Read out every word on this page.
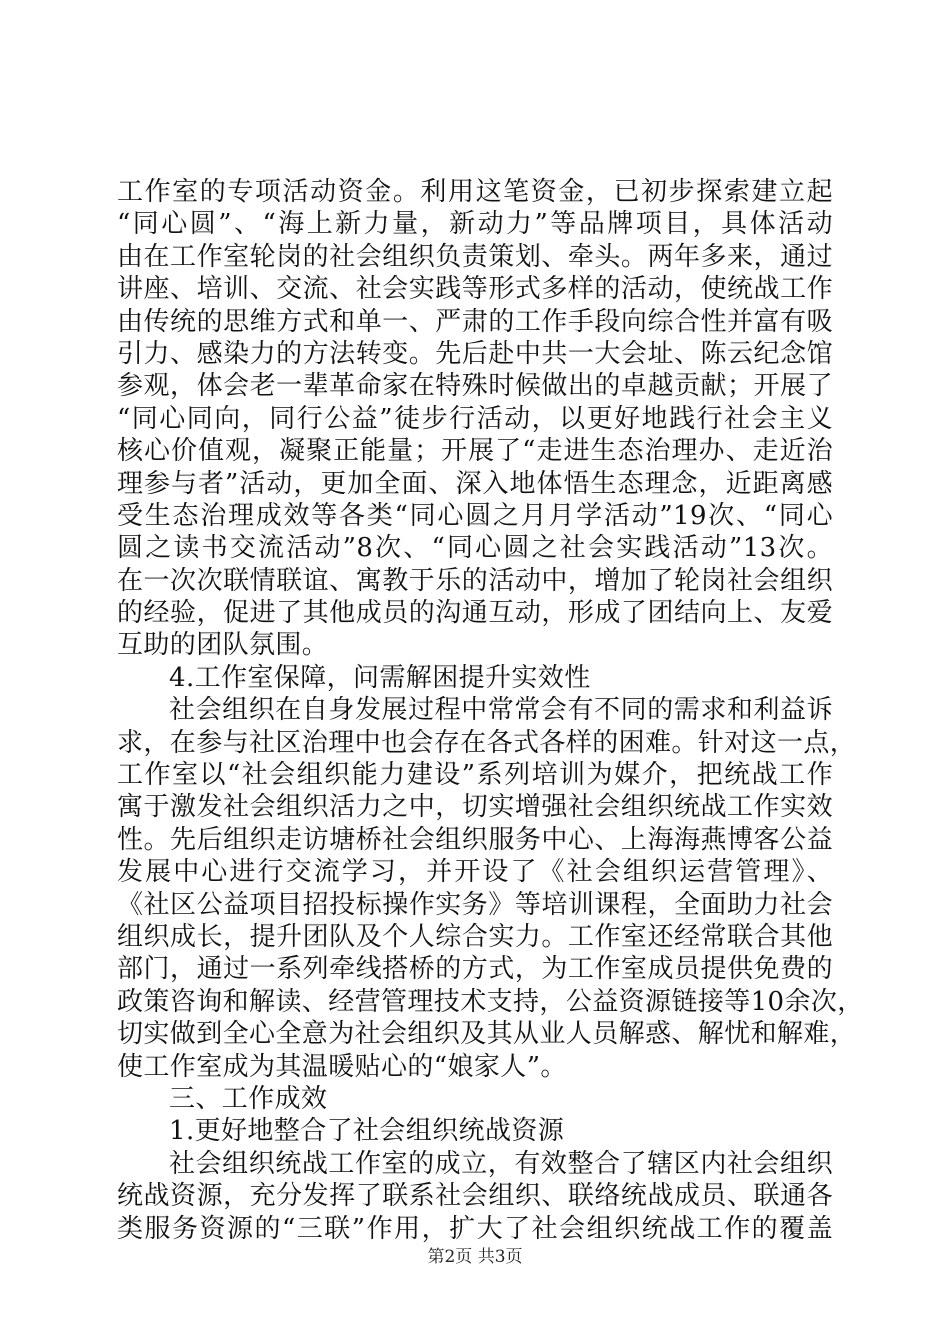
工作室的专项活动资金。利用这笔资金，已初步探索建立起
“同心圆”、“海上新力量，新动力”等品牌项目，具体活动
由在工作室轮岗的社会组织负责策划、牵头。两年多来，通过
讲座、培训、交流、社会实践等形式多样的活动，使统战工作
由传统的思维方式和单一、严肃的工作手段向综合性并富有吸
引力、感染力的方法转变。先后赴中共一大会址、陈云纪念馆
参观，体会老一辈革命家在特殊时候做出的卓越贡献；开展了
“同心同向，同行公益”徒步行活动，以更好地践行社会主义
核心价值观，凝聚正能量；开展了“走进生态治理办、走近治
理参与者”活动，更加全面、深入地体悟生态理念，近距离感
受生态治理成效等各类“同心圆之月月学活动”19次、“同心
圆之读书交流活动”8次、“同心圆之社会实践活动”13次。
在一次次联情联谊、寓教于乐的活动中，增加了轮岗社会组织
的经验，促进了其他成员的沟通互动，形成了团结向上、友爱
互助的团队氛围。
4.工作室保障，问需解困提升实效性
社会组织在自身发展过程中常常会有不同的需求和利益诉
求，在参与社区治理中也会存在各式各样的困难。针对这一点，
工作室以“社会组织能力建设”系列培训为媒介，把统战工作
寓于激发社会组织活力之中，切实增强社会组织统战工作实效
性。先后组织走访塘桥社会组织服务中心、上海海燕博客公益
发展中心进行交流学习，并开设了《社会组织运营管理》、
《社区公益项目招投标操作实务》等培训课程，全面助力社会
组织成长，提升团队及个人综合实力。工作室还经常联合其他
部门，通过一系列牵线搭桥的方式，为工作室成员提供免费的
政策咨询和解读、经营管理技术支持，公益资源链接等10余次，
切实做到全心全意为社会组织及其从业人员解惑、解忧和解难，
使工作室成为其温暖贴心的“娘家人”。
三、工作成效
1.更好地整合了社会组织统战资源
社会组织统战工作室的成立，有效整合了辖区内社会组织
统战资源，充分发挥了联系社会组织、联络统战成员、联通各
类服务资源的“三联”作用，扩大了社会组织统战工作的覆盖
第2页 共3页
